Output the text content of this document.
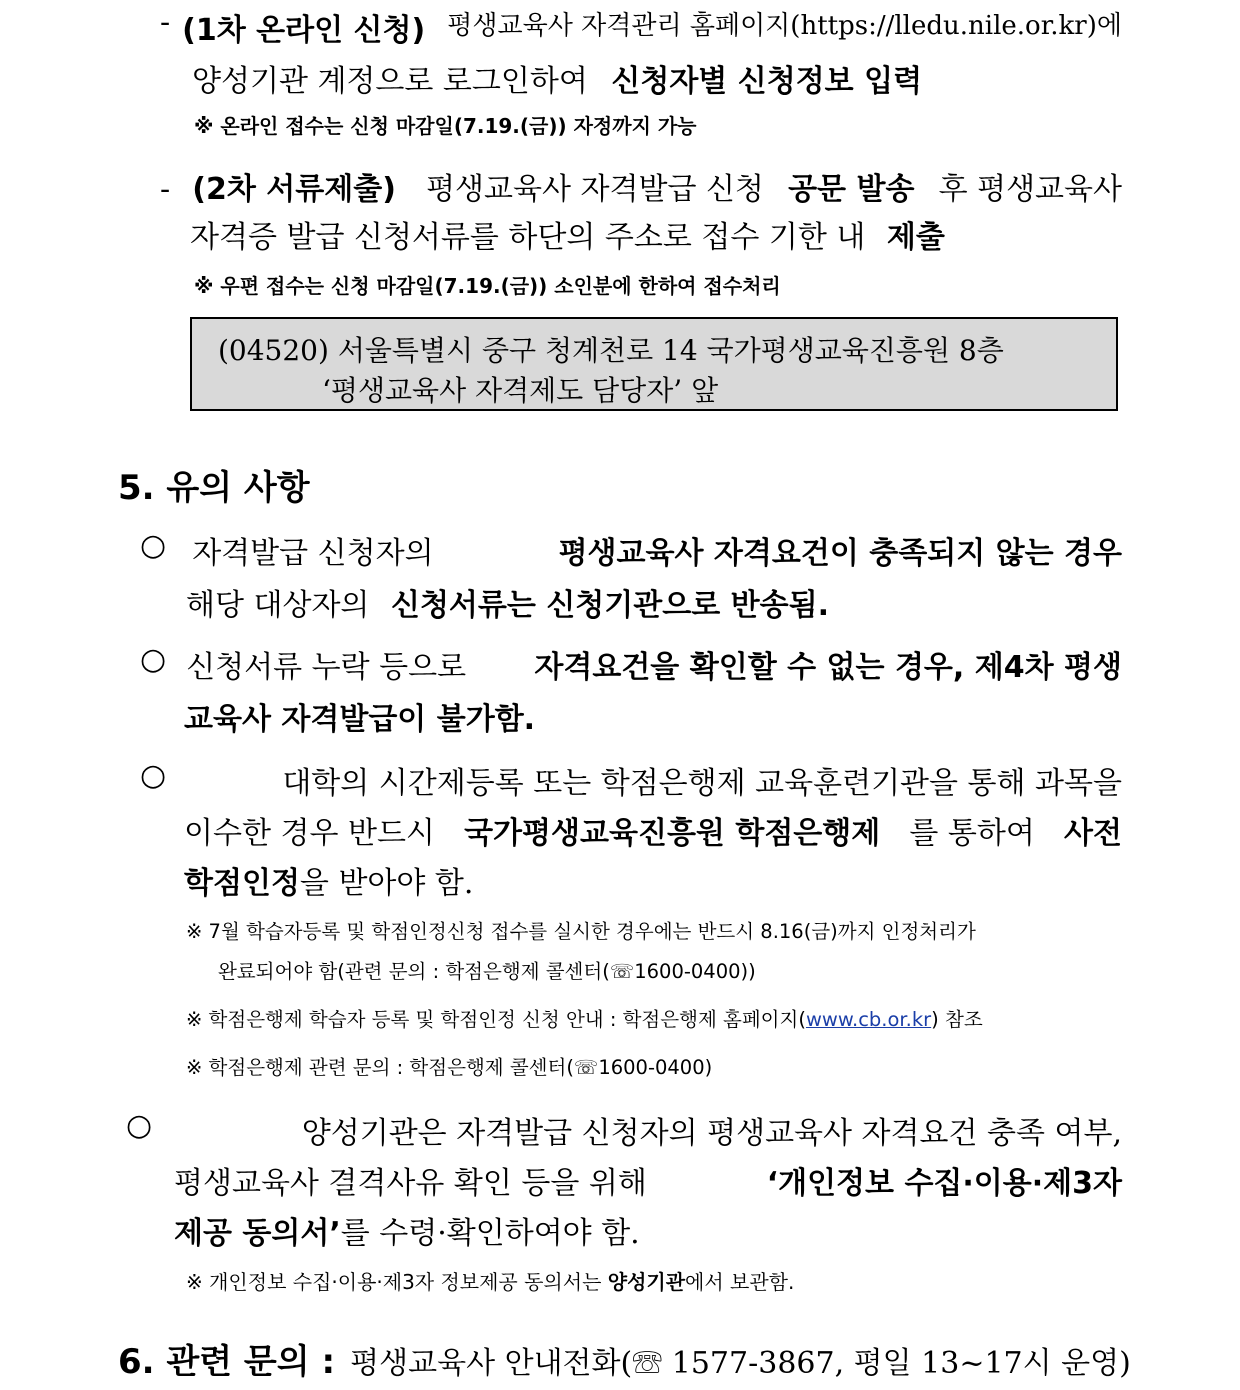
- (1차 온라인 신청) 평생교육사 자격관리 홈페이지(https://lledu.nile.or.kr)에
양성기관 계정으로 로그인하여 신청자별 신청정보 입력
※ 온라인 접수는 신청 마감일(7.19.(금)) 자정까지 가능
- (2차 서류제출) 평생교육사 자격발급 신청 공문 발송 후 평생교육사
자격증 발급 신청서류를 하단의 주소로 접수 기한 내 제출
※ 우편 접수는 신청 마감일(7.19.(금)) 소인분에 한하여 접수처리
(04520) 서울특별시 중구 청계천로 14 국가평생교육진흥원 8층
‘평생교육사 자격제도 담당자’ 앞
5. 유의 사항
○ 자격발급 신청자의	평생교육사 자격요건이 충족되지 않는 경우
해당 대상자의 신청서류는 신청기관으로 반송됨.
○ 신청서류 누락 등으로	자격요건을 확인할 수 없는 경우, 제4차 평생
교육사 자격발급이 불가함.
○	대학의 시간제등록 또는 학점은행제 교육훈련기관을 통해 과목을
이수한 경우 반드시 국가평생교육진흥원 학점은행제 를 통하여 사전
학점인정을 받아야 함.
※ 7월 학습자등록 및 학점인정신청 접수를 실시한 경우에는 반드시 8.16(금)까지 인정처리가
완료되어야 함(관련 문의 : 학점은행제 콜센터(☏1600-0400))
※ 학점은행제 학습자 등록 및 학점인정 신청 안내 : 학점은행제 홈페이지(www.cb.or.kr) 참조
※ 학점은행제 관련 문의 : 학점은행제 콜센터(☏1600-0400)
○	양성기관은 자격발급 신청자의 평생교육사 자격요건 충족 여부,
평생교육사 결격사유 확인 등을 위해	‘개인정보 수집·이용·제3자
제공 동의서’를 수령·확인하여야 함.
※ 개인정보 수집·이용·제3자 정보제공 동의서는 양성기관에서 보관함.
6. 관련 문의 : 평생교육사 안내전화(☏ 1577-3867, 평일 13~17시 운영)
